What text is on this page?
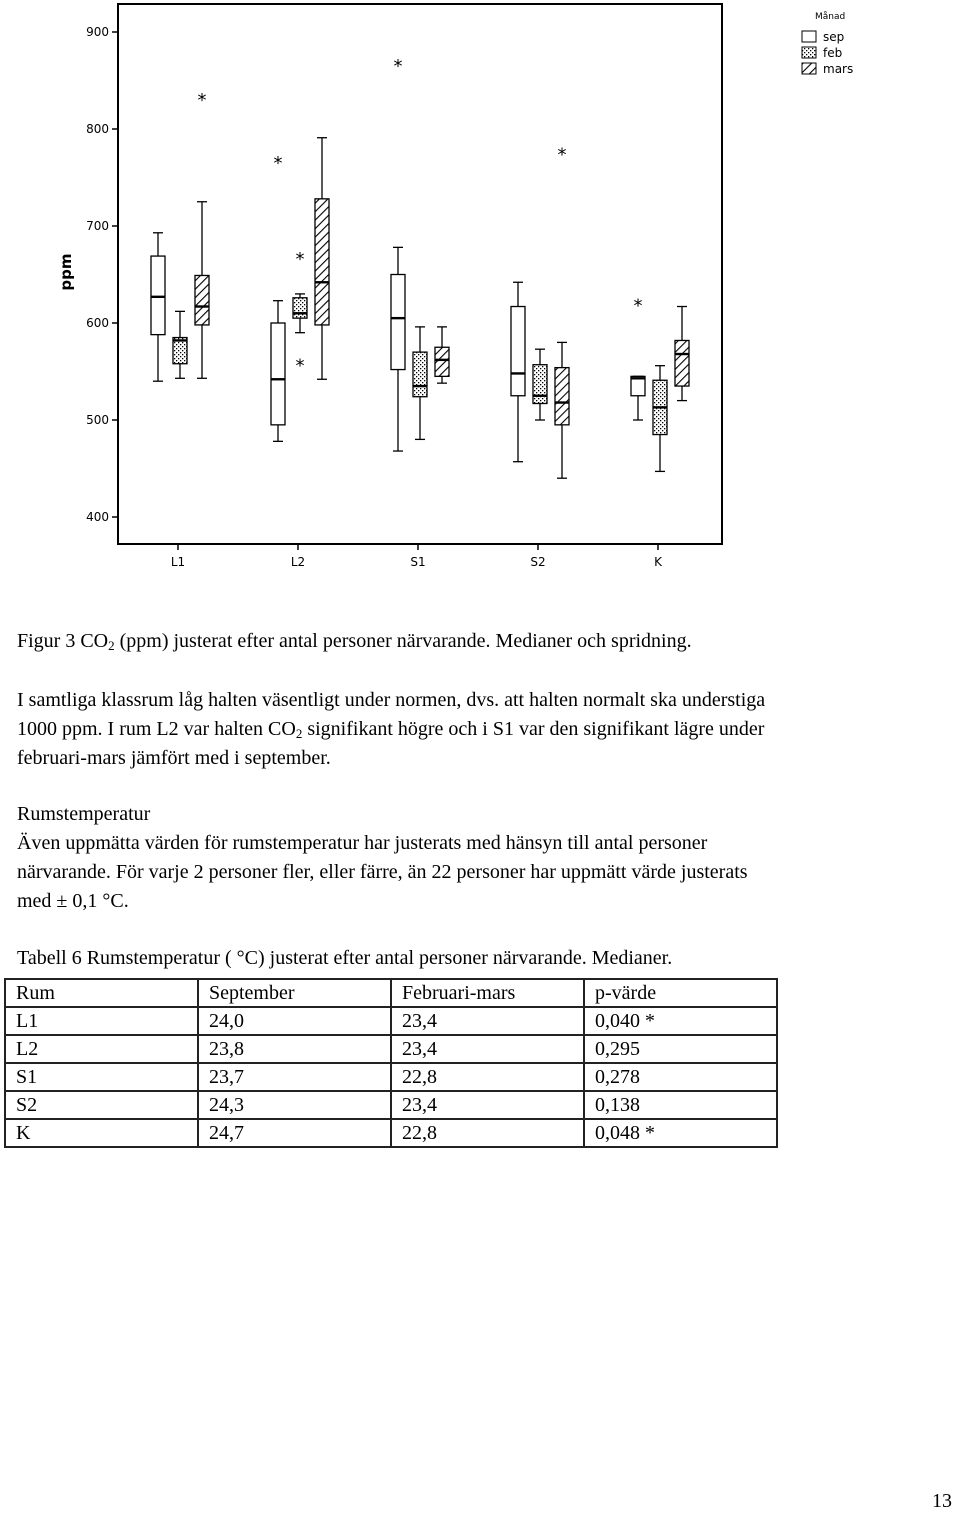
400
500
600
700
800
900
ppm
L1	L2	S1	S2	K
*
*
*
*
*
*
*
Månad
sep
feb
mars
Figur 3 $CO_2$ (ppm) justerat efter antal personer närvarande. Medianer och spridning.
I samtliga klassrum låg halten väsentligt under normen, dvs. att halten normalt ska understiga
1000 ppm. I rum L2 var halten $CO_2$ signifikant högre och i S1 var den signifikant lägre under
februari-mars jämfört med i september.
Rumstemperatur
Även uppmätta värden för rumstemperatur har justerats med hänsyn till antal personer
närvarande. För varje 2 personer fler, eller färre, än 22 personer har uppmätt värde justerats
med ± 0,1 °C.
Tabell 6 Rumstemperatur ( °C) justerat efter antal personer närvarande. Medianer.
Rum	September	Februari-mars	p-värde
L1	24,0	23,4	0,040 *
L2	23,8	23,4	0,295
S1	23,7	22,8	0,278
S2	24,3	23,4	0,138
K	24,7	22,8	0,048 *
13
